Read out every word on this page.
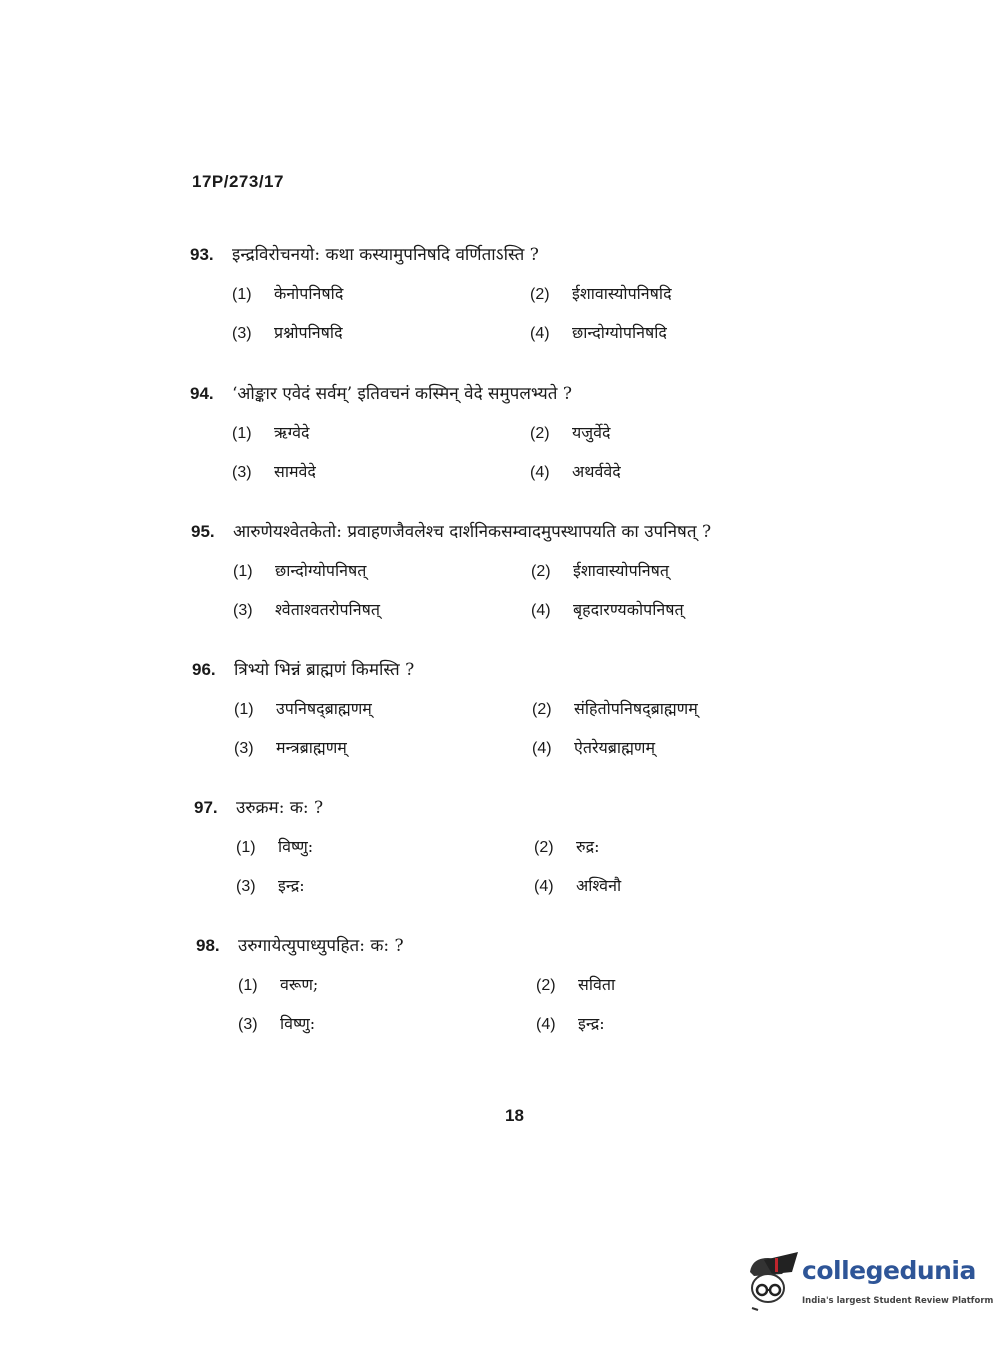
17P/273/17
93.	इन्द्रविरोचनयो: कथा कस्यामुपनिषदि वर्णिताऽस्ति ?
(1)	केनोपनिषदि	(2)	ईशावास्योपनिषदि
(3)	प्रश्नोपनिषदि	(4)	छान्दोग्योपनिषदि
94.	‘ओङ्कार एवेदं सर्वम्’ इतिवचनं कस्मिन् वेदे समुपलभ्यते ?
(1)	ऋग्वेदे	(2)	यजुर्वेदे
(3)	सामवेदे	(4)	अथर्ववेदे
95.	आरुणेयश्वेतकेतो: प्रवाहणजैवलेश्च दार्शनिकसम्वादमुपस्थापयति का उपनिषत् ?
(1)	छान्दोग्योपनिषत्	(2)	ईशावास्योपनिषत्
(3)	श्वेताश्वतरोपनिषत्	(4)	बृहदारण्यकोपनिषत्
96.	त्रिभ्यो भिन्नं ब्राह्मणं किमस्ति ?
(1)	उपनिषद्ब्राह्मणम्	(2)	संहितोपनिषद्ब्राह्मणम्
(3)	मन्त्रब्राह्मणम्	(4)	ऐतरेयब्राह्मणम्
97.	उरुक्रम: क: ?
(1)	विष्णु:	(2)	रुद्र:
(3)	इन्द्र:	(4)	अश्विनौ
98.	उरुगायेत्युपाध्युपहित: क: ?
(1)	वरूण;	(2)	सविता
(3)	विष्णु:	(4)	इन्द्र:
18
collegedunia
India's largest Student Review Platform
